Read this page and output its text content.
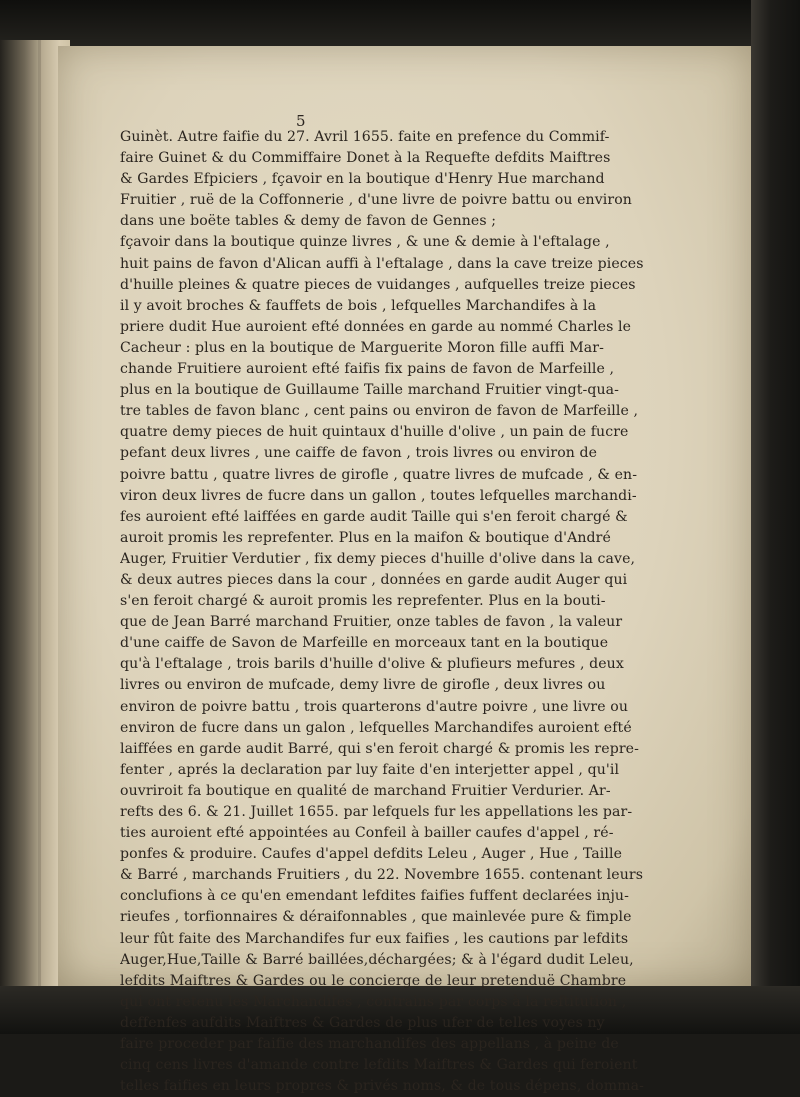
5

Guinèt. Autre faifie du 27. Avril 1655. faite en prefence du Commif-
faire Guinet & du Commiffaire Donet à la Requefte defdits Maiftres
& Gardes Efpiciers , fçavoir en la boutique d'Henry Hue marchand
Fruitier , ruë de la Coffonnerie , d'une livre de poivre battu ou environ
dans une boëte tables & demy de favon de Gennes ;
fçavoir dans la boutique quinze livres , & une & demie à l'eftalage ,
huit pains de favon d'Alican auffi à l'eftalage , dans la cave treize pieces
d'huille pleines & quatre pieces de vuidanges , aufquelles treize pieces
il y avoit broches & fauffets de bois , lefquelles Marchandifes à la
priere dudit Hue auroient efté données en garde au nommé Charles le
Cacheur : plus en la boutique de Marguerite Moron fille auffi Mar-
chande Fruitiere auroient efté faifis fix pains de favon de Marfeille ,
plus en la boutique de Guillaume Taille marchand Fruitier vingt-qua-
tre tables de favon blanc , cent pains ou environ de favon de Marfeille ,
quatre demy pieces de huit quintaux d'huille d'olive , un pain de fucre
pefant deux livres , une caiffe de favon , trois livres ou environ de
poivre battu , quatre livres de girofle , quatre livres de mufcade , & en-
viron deux livres de fucre dans un gallon , toutes lefquelles marchandi-
fes auroient efté laiffées en garde audit Taille qui s'en feroit chargé &
auroit promis les reprefenter. Plus en la maifon & boutique d'André
Auger, Fruitier Verdutier , fix demy pieces d'huille d'olive dans la cave,
& deux autres pieces dans la cour , données en garde audit Auger qui
s'en feroit chargé & auroit promis les reprefenter. Plus en la bouti-
que de Jean Barré marchand Fruitier, onze tables de favon , la valeur
d'une caiffe de Savon de Marfeille en morceaux tant en la boutique
qu'à l'eftalage , trois barils d'huille d'olive & plufieurs mefures , deux
livres ou environ de mufcade, demy livre de girofle , deux livres ou
environ de poivre battu , trois quarterons d'autre poivre , une livre ou
environ de fucre dans un galon , lefquelles Marchandifes auroient efté
laiffées en garde audit Barré, qui s'en feroit chargé & promis les repre-
fenter , aprés la declaration par luy faite d'en interjetter appel , qu'il
ouvriroit fa boutique en qualité de marchand Fruitier Verdurier. Ar-
refts des 6. & 21. Juillet 1655. par lefquels fur les appellations les par-
ties auroient efté appointées au Confeil à bailler caufes d'appel , ré-
ponfes & produire. Caufes d'appel defdits Leleu , Auger , Hue , Taille
& Barré , marchands Fruitiers , du 22. Novembre 1655. contenant leurs
conclufions à ce qu'en emendant lefdites faifies fuffent declarées inju-
rieufes , torfionnaires & déraifonnables , que mainlevée pure & fimple
leur fût faite des Marchandifes fur eux faifies , les cautions par lefdits
Auger,Hue,Taille & Barré baillées,déchargées; & à l'égard dudit Leleu,
lefdits Maiftres & Gardes ou le concierge de leur pretenduë Chambre
qui ont retenu les Marchandifes , contrains par corps à la reftitution ,
deffenfes aufdits Maiftres & Gardes de plus ufer de telles voyes ny
faire proceder par faifie des marchandifes des appellans , à peine de
cinq cens livres d'amande contre lefdits Maiftres & Gardes qui feroient
telles faifies en leurs propres & privés noms, & de tous dépens, domma-
